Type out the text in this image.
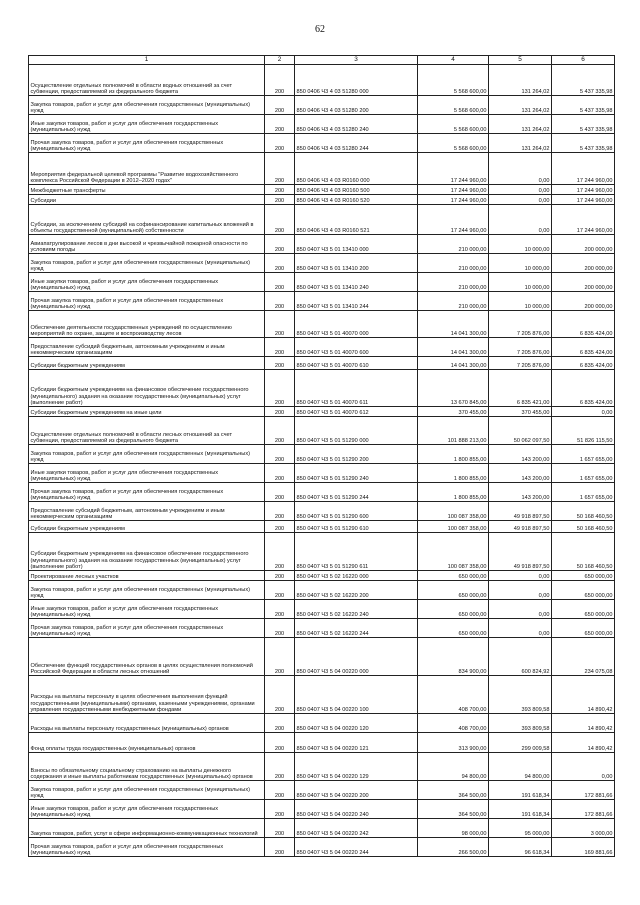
62
1	2	3	4	5	6
Осуществление отдельных полномочий в области водных отношений за счет субвенции, предоставляемой из федерального бюджета	200	850 0406 Ч3 4 03 51280 000	5 568 600,00	131 264,02	5 437 335,98
Закупка товаров, работ и услуг для обеспечения государственных (муниципальных) нужд	200	850 0406 Ч3 4 03 51280 200	5 568 600,00	131 264,02	5 437 335,98
Иные закупки товаров, работ и услуг для обеспечения государственных (муниципальных) нужд	200	850 0406 Ч3 4 03 51280 240	5 568 600,00	131 264,02	5 437 335,98
Прочая закупка товаров, работ и услуг для обеспечения государственных (муниципальных) нужд	200	850 0406 Ч3 4 03 51280 244	5 568 600,00	131 264,02	5 437 335,98
Мероприятия федеральной целевой программы "Развитие водохозяйственного комплекса Российской Федерации в 2012–2020 годах"	200	850 0406 Ч3 4 03 R0160 000	17 244 960,00	0,00	17 244 960,00
Межбюджетные трансферты	200	850 0406 Ч3 4 03 R0160 500	17 244 960,00	0,00	17 244 960,00
Субсидии	200	850 0406 Ч3 4 03 R0160 520	17 244 960,00	0,00	17 244 960,00
Субсидии, за исключением субсидий на софинансирование капитальных вложений в объекты государственной (муниципальной) собственности	200	850 0406 Ч3 4 03 R0160 521	17 244 960,00	0,00	17 244 960,00
Авиапатрулирование лесов в дни высокой и чрезвычайной пожарной опасности по условиям погоды	200	850 0407 Ч3 5 01 13410 000	210 000,00	10 000,00	200 000,00
Закупка товаров, работ и услуг для обеспечения государственных (муниципальных) нужд	200	850 0407 Ч3 5 01 13410 200	210 000,00	10 000,00	200 000,00
Иные закупки товаров, работ и услуг для обеспечения государственных (муниципальных) нужд	200	850 0407 Ч3 5 01 13410 240	210 000,00	10 000,00	200 000,00
Прочая закупка товаров, работ и услуг для обеспечения государственных (муниципальных) нужд	200	850 0407 Ч3 5 01 13410 244	210 000,00	10 000,00	200 000,00
Обеспечение деятельности государственных учреждений по осуществлению мероприятий по охране, защите и воспроизводству лесов	200	850 0407 Ч3 5 01 40070 000	14 041 300,00	7 205 876,00	6 835 424,00
Предоставление субсидий бюджетным, автономным учреждениям и иным некоммерческим организациям	200	850 0407 Ч3 5 01 40070 600	14 041 300,00	7 205 876,00	6 835 424,00
Субсидии бюджетным учреждениям	200	850 0407 Ч3 5 01 40070 610	14 041 300,00	7 205 876,00	6 835 424,00
Субсидии бюджетным учреждениям на финансовое обеспечение государственного (муниципального) задания на оказание государственных (муниципальных) услуг (выполнение работ)	200	850 0407 Ч3 5 01 40070 611	13 670 845,00	6 835 421,00	6 835 424,00
Субсидии бюджетным учреждениям на иные цели	200	850 0407 Ч3 5 01 40070 612	370 455,00	370 455,00	0,00
Осуществление отдельных полномочий в области лесных отношений за счет субвенции, предоставляемой из федерального бюджета	200	850 0407 Ч3 5 01 51290 000	101 888 213,00	50 062 097,50	51 826 115,50
Закупка товаров, работ и услуг для обеспечения государственных (муниципальных) нужд	200	850 0407 Ч3 5 01 51290 200	1 800 855,00	143 200,00	1 657 655,00
Иные закупки товаров, работ и услуг для обеспечения государственных (муниципальных) нужд	200	850 0407 Ч3 5 01 51290 240	1 800 855,00	143 200,00	1 657 655,00
Прочая закупка товаров, работ и услуг для обеспечения государственных (муниципальных) нужд	200	850 0407 Ч3 5 01 51290 244	1 800 855,00	143 200,00	1 657 655,00
Предоставление субсидий бюджетным, автономным учреждениям и иным некоммерческим организациям	200	850 0407 Ч3 5 01 51290 600	100 087 358,00	49 918 897,50	50 168 460,50
Субсидии бюджетным учреждениям	200	850 0407 Ч3 5 01 51290 610	100 087 358,00	49 918 897,50	50 168 460,50
Субсидии бюджетным учреждениям на финансовое обеспечение государственного (муниципального) задания на оказание государственных (муниципальных) услуг (выполнение работ)	200	850 0407 Ч3 5 01 51290 611	100 087 358,00	49 918 897,50	50 168 460,50
Проектирование лесных участков	200	850 0407 Ч3 5 02 16220 000	650 000,00	0,00	650 000,00
Закупка товаров, работ и услуг для обеспечения государственных (муниципальных) нужд	200	850 0407 Ч3 5 02 16220 200	650 000,00	0,00	650 000,00
Иные закупки товаров, работ и услуг для обеспечения государственных (муниципальных) нужд	200	850 0407 Ч3 5 02 16220 240	650 000,00	0,00	650 000,00
Прочая закупка товаров, работ и услуг для обеспечения государственных (муниципальных) нужд	200	850 0407 Ч3 5 02 16220 244	650 000,00	0,00	650 000,00
Обеспечение функций государственных органов в целях осуществления полномочий Российской Федерации в области лесных отношений	200	850 0407 Ч3 5 04 00220 000	834 900,00	600 824,92	234 075,08
Расходы на выплаты персоналу в целях обеспечения выполнения функций государственными (муниципальными) органами, казенными учреждениями, органами управления государственными внебюджетными фондами	200	850 0407 Ч3 5 04 00220 100	408 700,00	393 809,58	14 890,42
Расходы на выплаты персоналу государственных (муниципальных) органов	200	850 0407 Ч3 5 04 00220 120	408 700,00	393 809,58	14 890,42
Фонд оплаты труда государственных (муниципальных) органов	200	850 0407 Ч3 5 04 00220 121	313 900,00	299 009,58	14 890,42
Взносы по обязательному социальному страхованию на выплаты денежного содержания и иные выплаты работникам государственных (муниципальных) органов	200	850 0407 Ч3 5 04 00220 129	94 800,00	94 800,00	0,00
Закупка товаров, работ и услуг для обеспечения государственных (муниципальных) нужд	200	850 0407 Ч3 5 04 00220 200	364 500,00	191 618,34	172 881,66
Иные закупки товаров, работ и услуг для обеспечения государственных (муниципальных) нужд	200	850 0407 Ч3 5 04 00220 240	364 500,00	191 618,34	172 881,66
Закупка товаров, работ, услуг в сфере информационно-коммуникационных технологий	200	850 0407 Ч3 5 04 00220 242	98 000,00	95 000,00	3 000,00
Прочая закупка товаров, работ и услуг для обеспечения государственных (муниципальных) нужд	200	850 0407 Ч3 5 04 00220 244	266 500,00	96 618,34	169 881,66
